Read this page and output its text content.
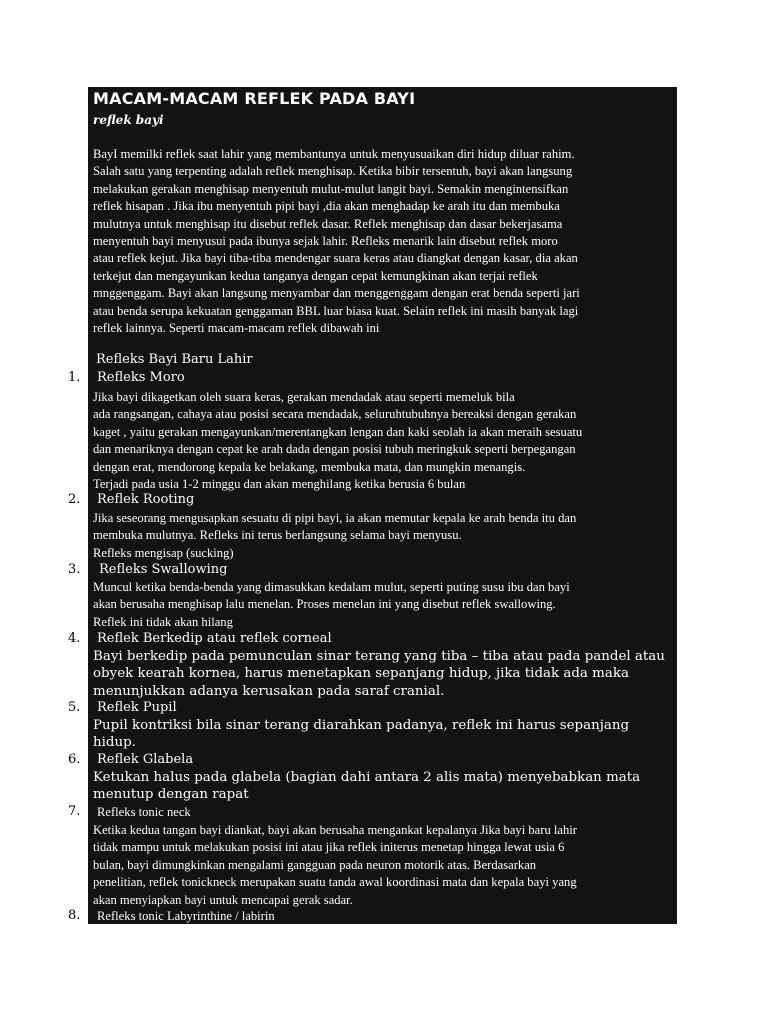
MACAM-MACAM REFLEK PADA BAYI
reflek bayi
BayI memilki reflek saat lahir yang membantunya untuk menyusuaikan diri hidup diluar rahim.
Salah satu yang terpenting adalah reflek menghisap. Ketika bibir tersentuh, bayi akan langsung
melakukan gerakan menghisap menyentuh mulut-mulut langit bayi. Semakin mengintensifkan
reflek hisapan . Jika ibu menyentuh pipi bayi ,dia akan menghadap ke arah itu dan membuka
mulutnya untuk menghisap itu disebut reflek dasar. Reflek menghisap dan dasar bekerjasama
menyentuh bayi menyusui pada ibunya sejak lahir. Refleks menarik lain disebut reflek moro
atau reflek kejut. Jika bayi tiba-tiba mendengar suara keras atau diangkat dengan kasar, dia akan
terkejut dan mengayunkan kedua tanganya dengan cepat kemungkinan akan terjai reflek
mnggenggam. Bayi akan langsung menyambar dan menggenggam dengan erat benda seperti jari
atau benda serupa kekuatan genggaman BBL luar biasa kuat. Selain reflek ini masih banyak lagi
reflek lainnya. Seperti macam-macam reflek dibawah ini
Refleks Bayi Baru Lahir
1. Refleks Moro
Jika bayi dikagetkan oleh suara keras, gerakan mendadak atau seperti memeluk bila
ada rangsangan, cahaya atau posisi secara mendadak, seluruhtubuhnya bereaksi dengan gerakan
kaget , yaitu gerakan mengayunkan/merentangkan lengan dan kaki seolah ia akan meraih sesuatu
dan menariknya dengan cepat ke arah dada dengan posisi tubuh meringkuk seperti berpegangan
dengan erat, mendorong kepala ke belakang, membuka mata, dan mungkin menangis.
Terjadi pada usia 1-2 minggu dan akan menghilang ketika berusia 6 bulan
2. Reflek Rooting
Jika seseorang mengusapkan sesuatu di pipi bayi, ia akan memutar kepala ke arah benda itu dan
membuka mulutnya. Refleks ini terus berlangsung selama bayi menyusu.
Refleks mengisap (sucking)
3. Refleks Swallowing
Muncul ketika benda-benda yang dimasukkan kedalam mulut, seperti puting susu ibu dan bayi
akan berusaha menghisap lalu menelan. Proses menelan ini yang disebut reflek swallowing.
Reflek ini tidak akan hilang
4. Reflek Berkedip atau reflek corneal
Bayi berkedip pada pemunculan sinar terang yang tiba – tiba atau pada pandel atau
obyek kearah kornea, harus menetapkan sepanjang hidup, jika tidak ada maka
menunjukkan adanya kerusakan pada saraf cranial.
5. Reflek Pupil
Pupil kontriksi bila sinar terang diarahkan padanya, reflek ini harus sepanjang
hidup.
6. Reflek Glabela
Ketukan halus pada glabela (bagian dahi antara 2 alis mata) menyebabkan mata
menutup dengan rapat
7. Refleks tonic neck
Ketika kedua tangan bayi diankat, bayi akan berusaha mengankat kepalanya Jika bayi baru lahir
tidak mampu untuk melakukan posisi ini atau jika reflek initerus menetap hingga lewat usia 6
bulan, bayi dimungkinkan mengalami gangguan pada neuron motorik atas. Berdasarkan
penelitian, reflek tonickneck merupakan suatu tanda awal koordinasi mata dan kepala bayi yang
akan menyiapkan bayi untuk mencapai gerak sadar.
8. Refleks tonic Labyrinthine / labirin
